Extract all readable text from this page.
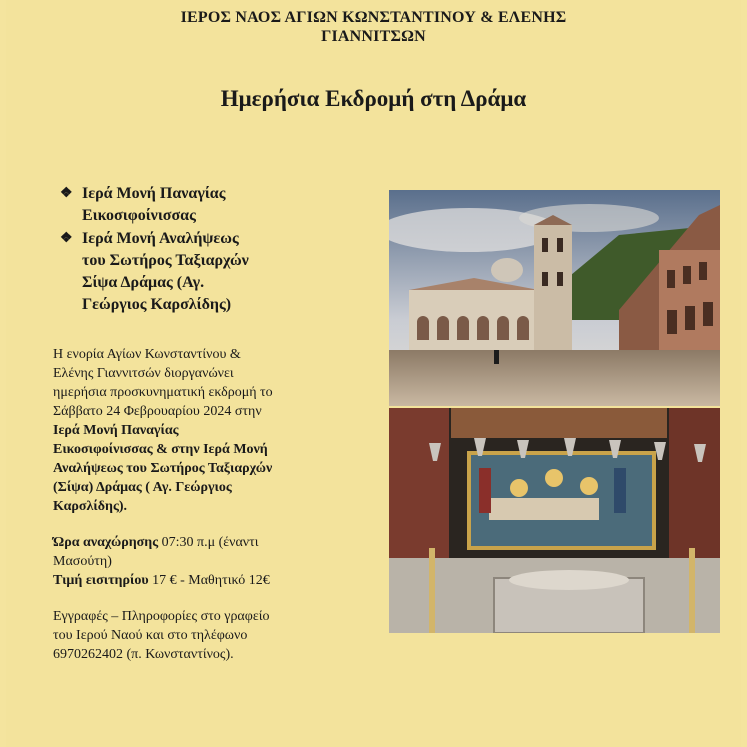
ΙΕΡΟΣ ΝΑΟΣ ΑΓΙΩΝ ΚΩΝΣΤΑΝΤΙΝΟΥ & ΕΛΕΝΗΣ
ΓΙΑΝΝΙΤΣΩΝ
Ημερήσια Εκδρομή στη Δράμα
❖ Ιερά Μονή Παναγίας
Εικοσιφοίνισσας
❖ Ιερά Μονή Αναλήψεως
του Σωτήρος Ταξιαρχών
Σίψα Δράμας (Αγ.
Γεώργιος Καρσλίδης)
Η ενορία Αγίων Κωνσταντίνου &
Ελένης Γιαννιτσών διοργανώνει
ημερήσια προσκυνηματική εκδρομή το
Σάββατο 24 Φεβρουαρίου 2024 στην
Ιερά Μονή Παναγίας
Εικοσιφοίνισσας & στην Ιερά Μονή
Αναλήψεως του Σωτήρος Ταξιαρχών
(Σίψα) Δράμας ( Αγ. Γεώργιος
Καρσλίδης).
Ώρα αναχώρησης 07:30 π.μ (έναντι
Μασούτη)
Τιμή εισιτηρίου 17 € - Μαθητικό 12€
Εγγραφές – Πληροφορίες στο γραφείο
του Ιερού Ναού και στο τηλέφωνο
6970262402 (π. Κωνσταντίνος).
